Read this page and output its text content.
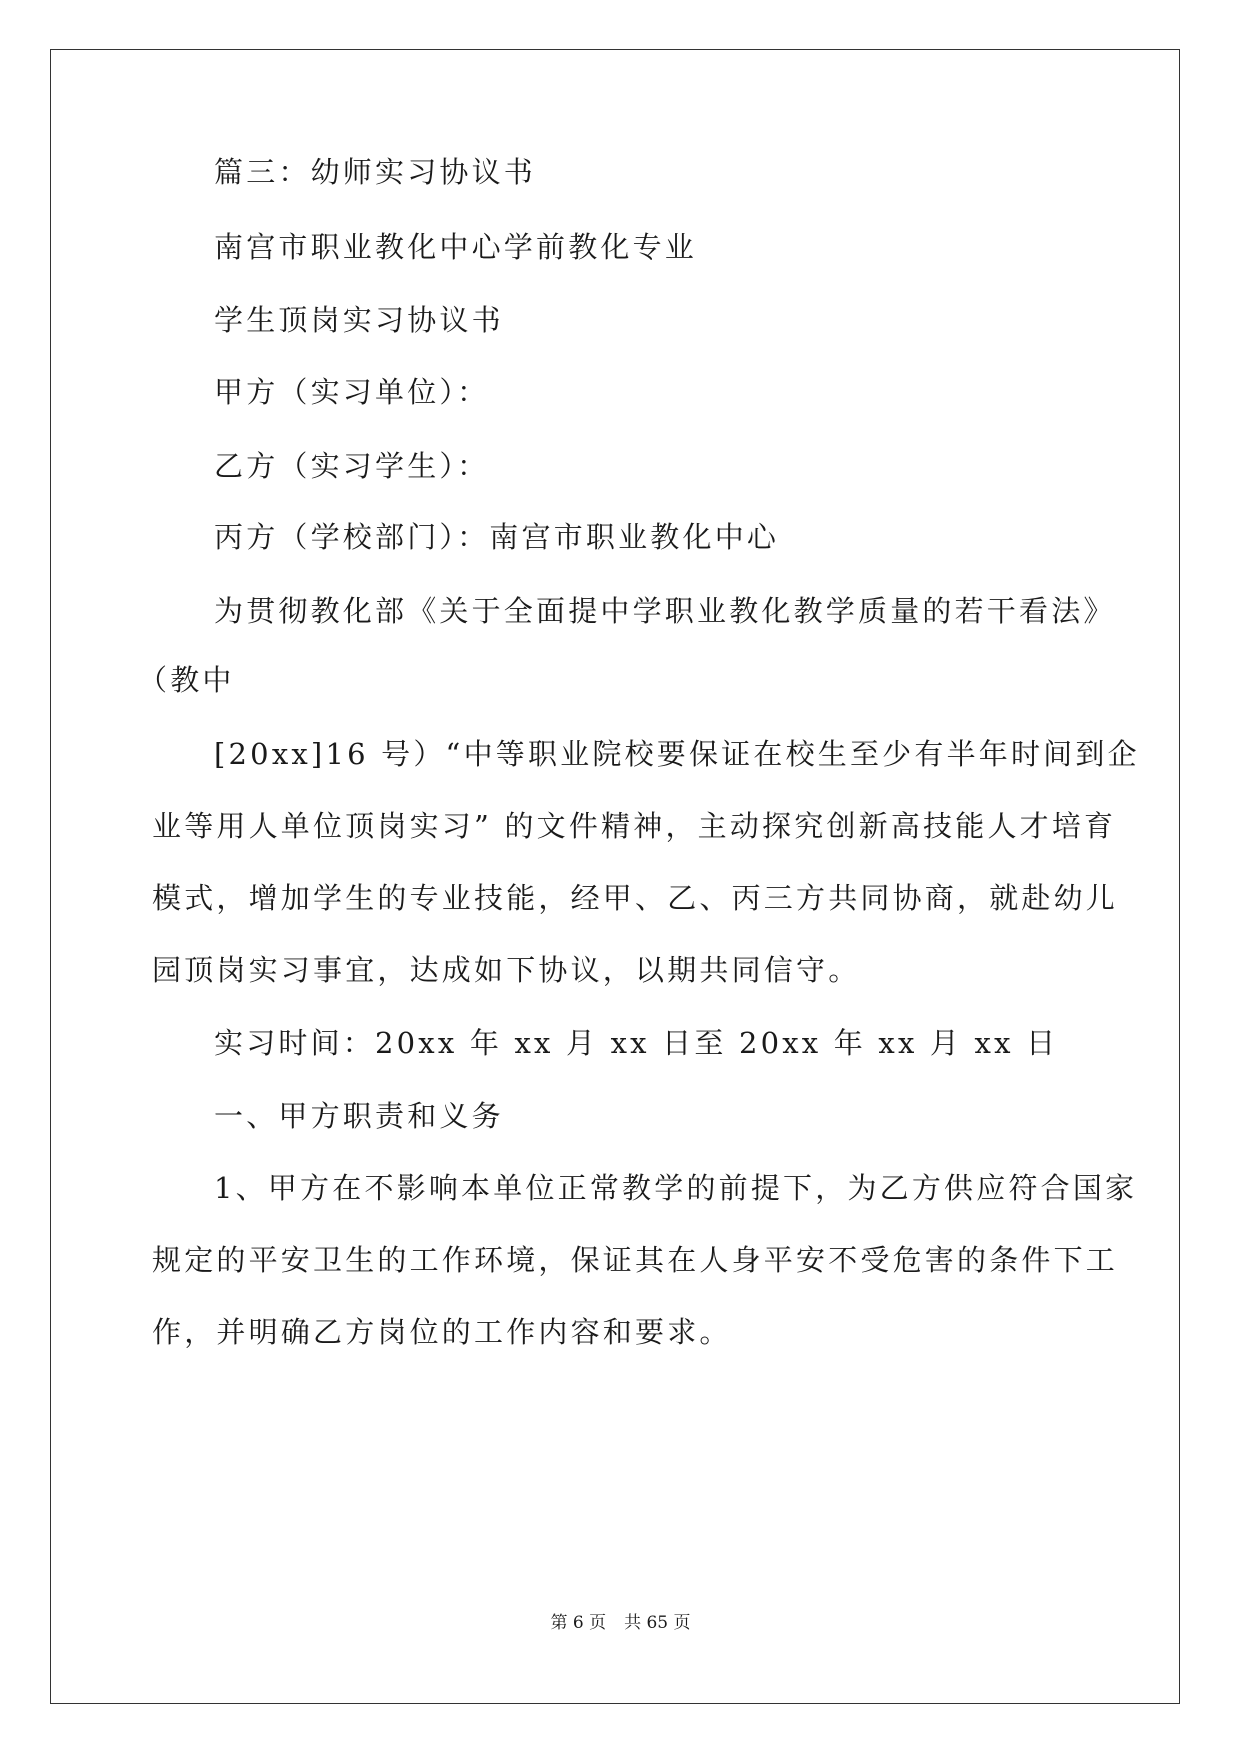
篇三：幼师实习协议书
南宫市职业教化中心学前教化专业
学生顶岗实习协议书
甲方（实习单位）：
乙方（实习学生）：
丙方（学校部门）：南宫市职业教化中心
为贯彻教化部《关于全面提中学职业教化教学质量的若干看法》
（教中
[20xx]16 号）“中等职业院校要保证在校生至少有半年时间到企
业等用人单位顶岗实习” 的文件精神，主动探究创新高技能人才培育
模式，增加学生的专业技能，经甲、乙、丙三方共同协商，就赴幼儿
园顶岗实习事宜，达成如下协议，以期共同信守。
实习时间：20xx 年 xx 月 xx 日至 20xx 年 xx 月 xx 日
一、甲方职责和义务
1、甲方在不影响本单位正常教学的前提下，为乙方供应符合国家
规定的平安卫生的工作环境，保证其在人身平安不受危害的条件下工
作，并明确乙方岗位的工作内容和要求。
第 6 页 共 65 页
